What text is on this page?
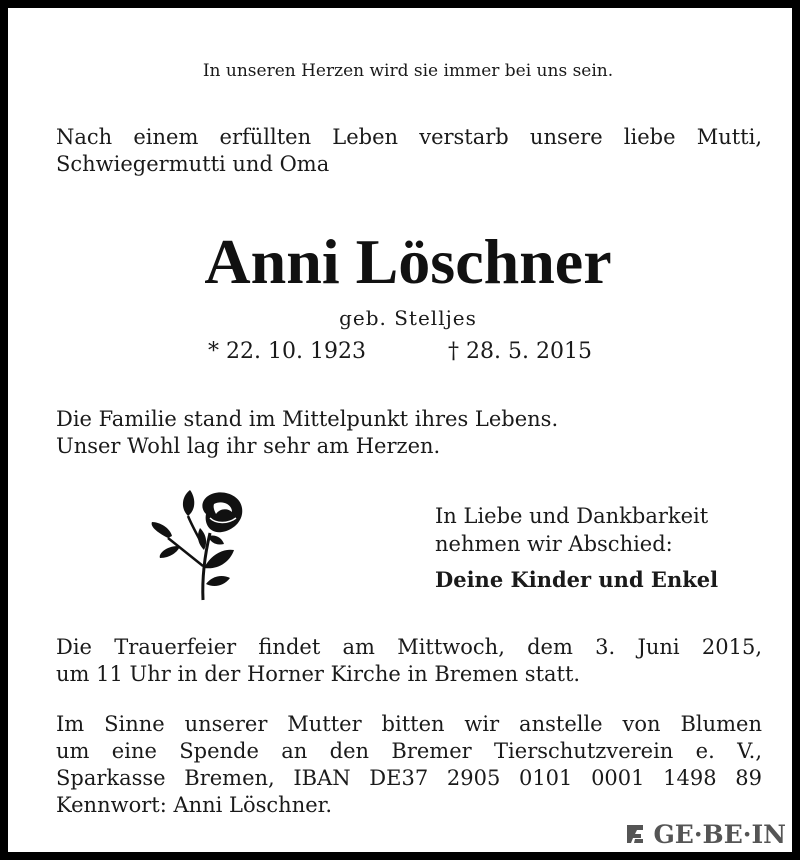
In unseren Herzen wird sie immer bei uns sein.
Nach einem erfüllten Leben verstarb unsere liebe Mutti,
Schwiegermutti und Oma
Anni Löschner
geb. Stelljes
* 22. 10. 1923	† 28. 5. 2015
Die Familie stand im Mittelpunkt ihres Lebens.
Unser Wohl lag ihr sehr am Herzen.
In Liebe und Dankbarkeit
nehmen wir Abschied:
Deine Kinder und Enkel
Die Trauerfeier findet am Mittwoch, dem 3. Juni 2015,
um 11 Uhr in der Horner Kirche in Bremen statt.
Im Sinne unserer Mutter bitten wir anstelle von Blumen
um eine Spende an den Bremer Tierschutzverein e. V.,
Sparkasse Bremen, IBAN DE37 2905 0101 0001 1498 89
Kennwort: Anni Löschner.
GE·BE·IN
